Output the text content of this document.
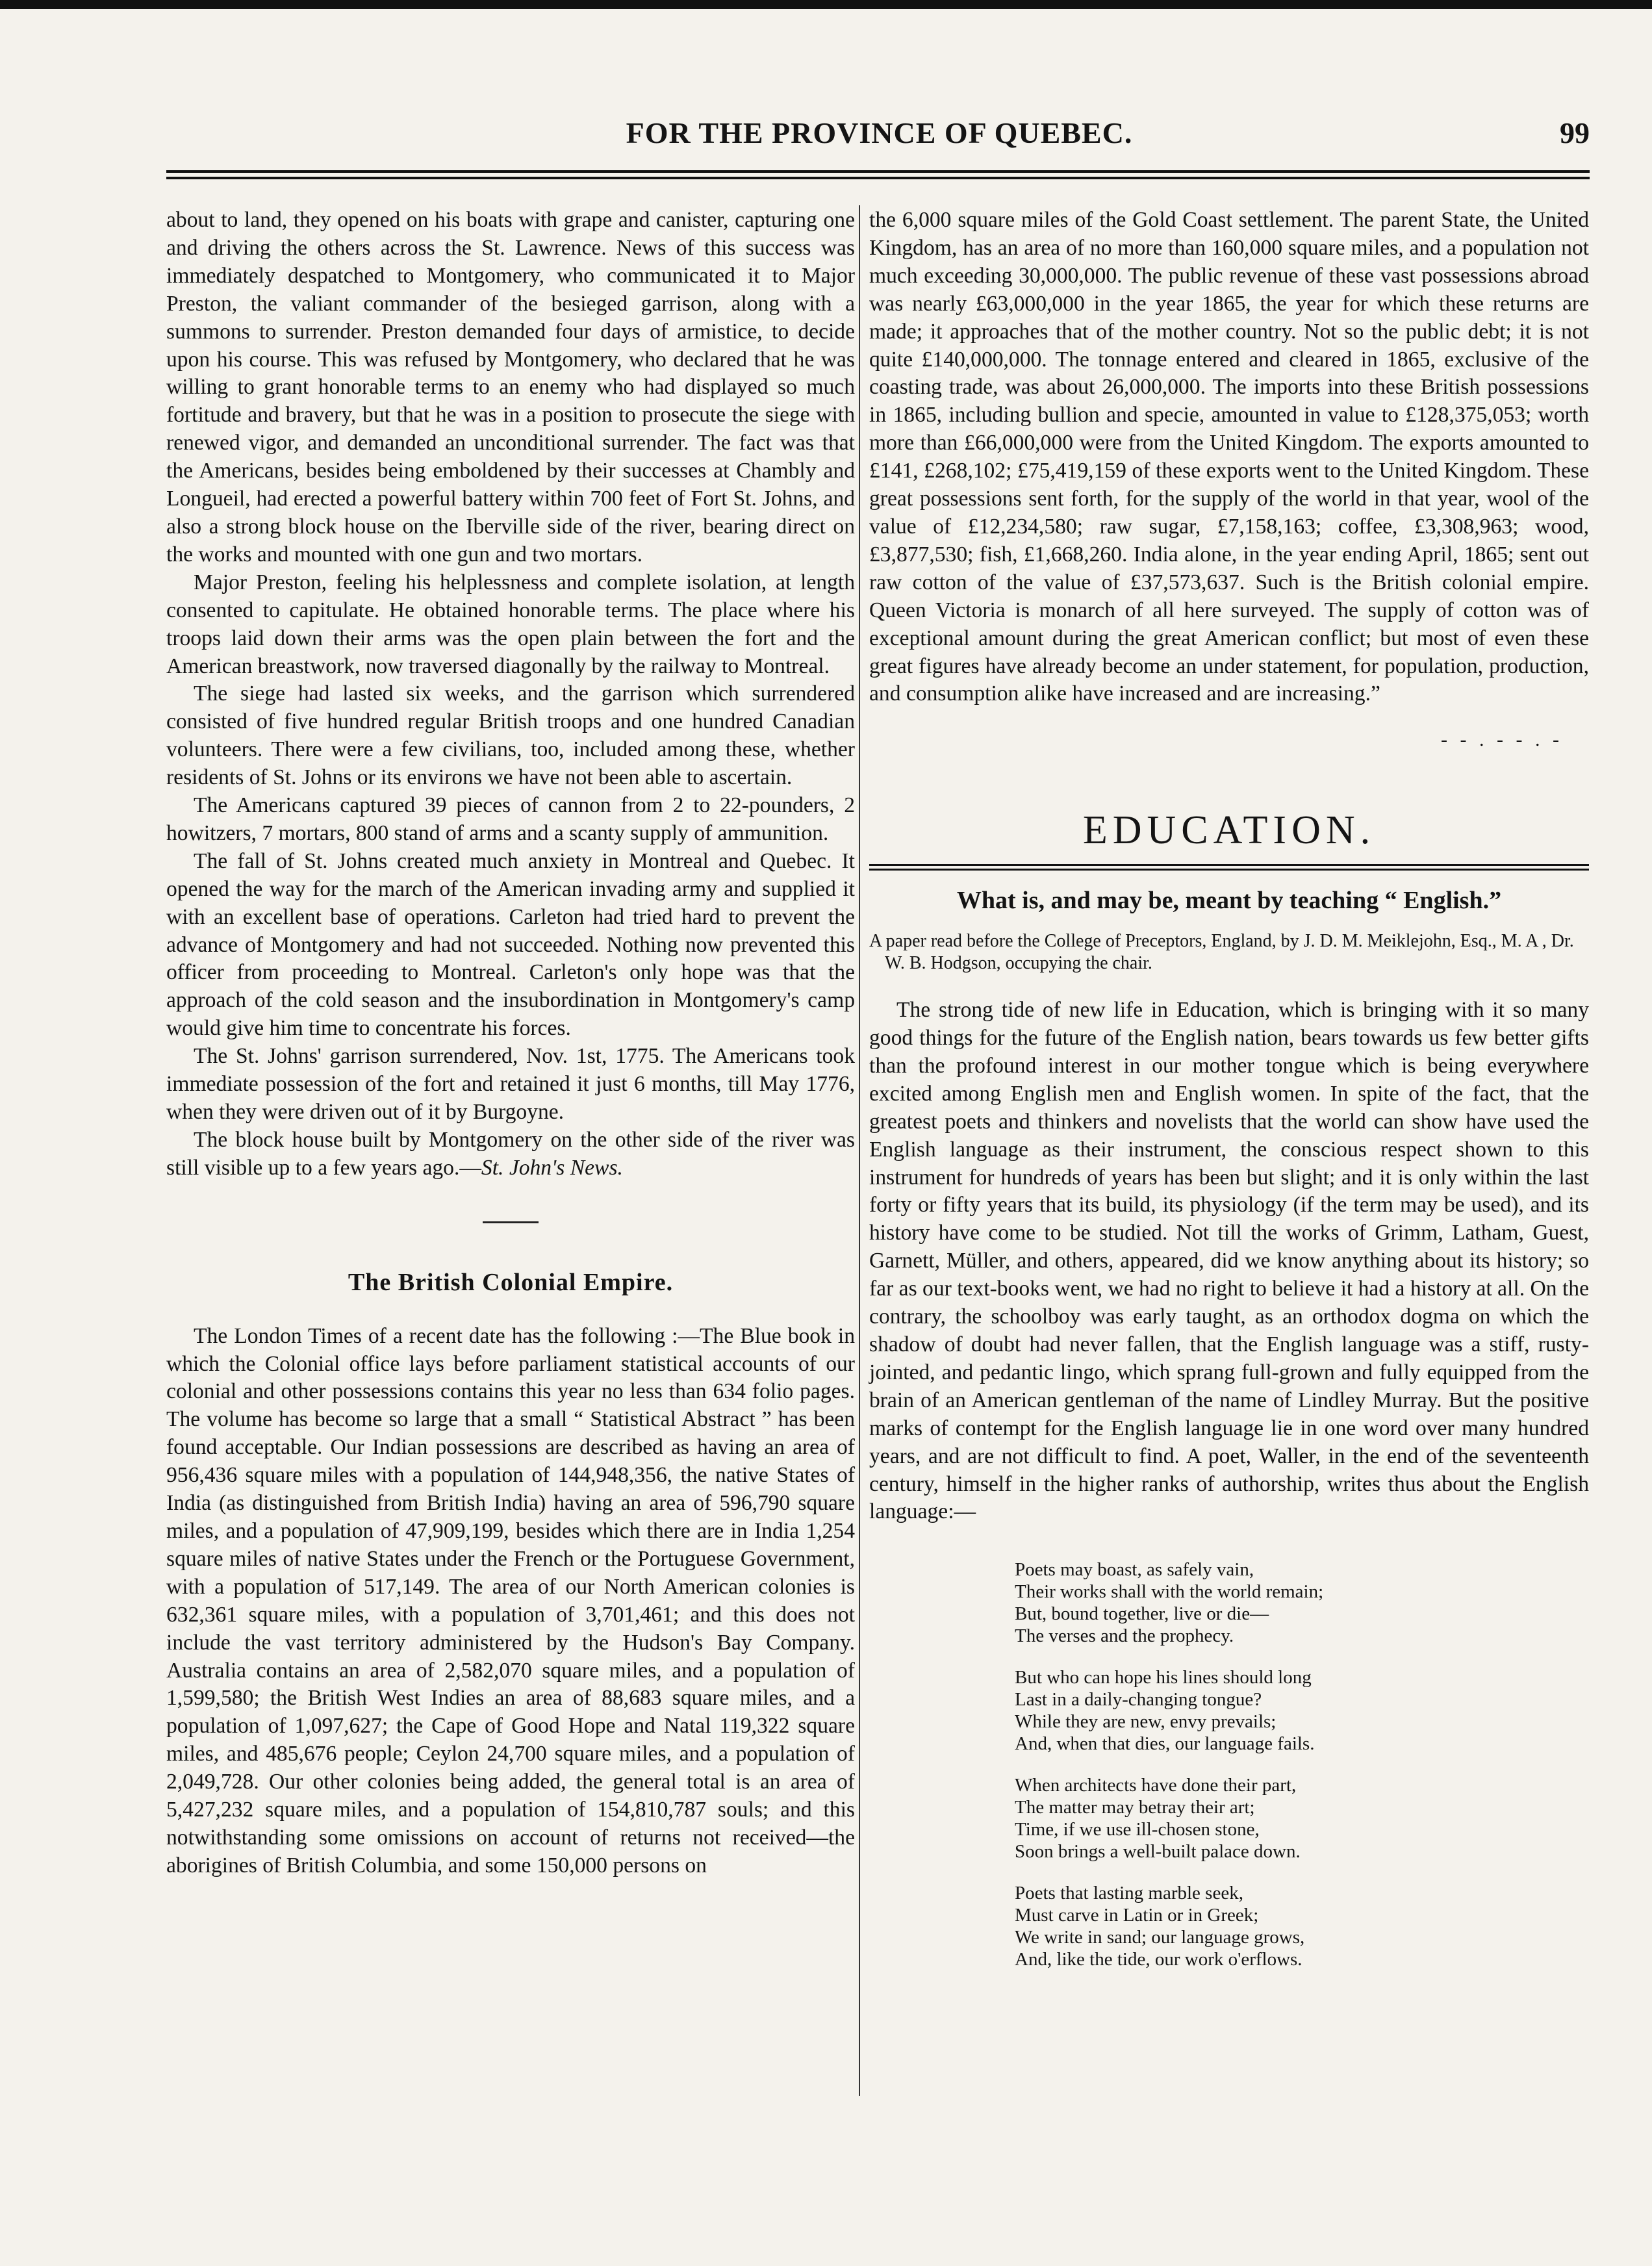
FOR THE PROVINCE OF QUEBEC.	99

about to land, they opened on his boats with grape and canister, capturing one and driving the others across the St. Lawrence. News of this success was immediately despatched to Montgomery, who communicated it to Major Preston, the valiant commander of the besieged garrison, along with a summons to surrender. Preston demanded four days of armistice, to decide upon his course. This was refused by Montgomery, who declared that he was willing to grant honorable terms to an enemy who had displayed so much fortitude and bravery, but that he was in a position to prosecute the siege with renewed vigor, and demanded an unconditional surrender. The fact was that the Americans, besides being emboldened by their successes at Chambly and Longueil, had erected a powerful battery within 700 feet of Fort St. Johns, and also a strong block house on the Iberville side of the river, bearing direct on the works and mounted with one gun and two mortars.

Major Preston, feeling his helplessness and complete isolation, at length consented to capitulate. He obtained honorable terms. The place where his troops laid down their arms was the open plain between the fort and the American breastwork, now traversed diagonally by the railway to Montreal.

The siege had lasted six weeks, and the garrison which surrendered consisted of five hundred regular British troops and one hundred Canadian volunteers. There were a few civilians, too, included among these, whether residents of St. Johns or its environs we have not been able to ascertain.

The Americans captured 39 pieces of cannon from 2 to 22-pounders, 2 howitzers, 7 mortars, 800 stand of arms and a scanty supply of ammunition.

The fall of St. Johns created much anxiety in Montreal and Quebec. It opened the way for the march of the American invading army and supplied it with an excellent base of operations. Carleton had tried hard to prevent the advance of Montgomery and had not succeeded. Nothing now prevented this officer from proceeding to Montreal. Carleton's only hope was that the approach of the cold season and the insubordination in Montgomery's camp would give him time to concentrate his forces.

The St. Johns' garrison surrendered, Nov. 1st, 1775. The Americans took immediate possession of the fort and retained it just 6 months, till May 1776, when they were driven out of it by Burgoyne.

The block house built by Montgomery on the other side of the river was still visible up to a few years ago.—St. John's News.

The British Colonial Empire.

The London Times of a recent date has the following :—The Blue book in which the Colonial office lays before parliament statistical accounts of our colonial and other possessions contains this year no less than 634 folio pages. The volume has become so large that a small “ Statistical Abstract ” has been found acceptable. Our Indian possessions are described as having an area of 956,436 square miles with a population of 144,948,356, the native States of India (as distinguished from British India) having an area of 596,790 square miles, and a population of 47,909,199, besides which there are in India 1,254 square miles of native States under the French or the Portuguese Government, with a population of 517,149. The area of our North American colonies is 632,361 square miles, with a population of 3,701,461; and this does not include the vast territory administered by the Hudson's Bay Company. Australia contains an area of 2,582,070 square miles, and a population of 1,599,580; the British West Indies an area of 88,683 square miles, and a population of 1,097,627; the Cape of Good Hope and Natal 119,322 square miles, and 485,676 people; Ceylon 24,700 square miles, and a population of 2,049,728. Our other colonies being added, the general total is an area of 5,427,232 square miles, and a population of 154,810,787 souls; and this notwithstanding some omissions on account of returns not received—the aborigines of British Columbia, and some 150,000 persons on

the 6,000 square miles of the Gold Coast settlement. The parent State, the United Kingdom, has an area of no more than 160,000 square miles, and a population not much exceeding 30,000,000. The public revenue of these vast possessions abroad was nearly £63,000,000 in the year 1865, the year for which these returns are made; it approaches that of the mother country. Not so the public debt; it is not quite £140,000,000. The tonnage entered and cleared in 1865, exclusive of the coasting trade, was about 26,000,000. The imports into these British possessions in 1865, including bullion and specie, amounted in value to £128,375,053; worth more than £66,000,000 were from the United Kingdom. The exports amounted to £141, £268,102; £75,419,159 of these exports went to the United Kingdom. These great possessions sent forth, for the supply of the world in that year, wool of the value of £12,234,580; raw sugar, £7,158,163; coffee, £3,308,963; wood, £3,877,530; fish, £1,668,260. India alone, in the year ending April, 1865; sent out raw cotton of the value of £37,573,637. Such is the British colonial empire. Queen Victoria is monarch of all here surveyed. The supply of cotton was of exceptional amount during the great American conflict; but most of even these great figures have already become an under statement, for population, production, and consumption alike have increased and are increasing.”

- - . - - . -
EDUCATION.
What is, and may be, meant by teaching “ English.”
A paper read before the College of Preceptors, England, by J. D. M. Meiklejohn, Esq., M. A , Dr. W. B. Hodgson, occupying the chair.

The strong tide of new life in Education, which is bringing with it so many good things for the future of the English nation, bears towards us few better gifts than the profound interest in our mother tongue which is being everywhere excited among English men and English women. In spite of the fact, that the greatest poets and thinkers and novelists that the world can show have used the English language as their instrument, the conscious respect shown to this instrument for hundreds of years has been but slight; and it is only within the last forty or fifty years that its build, its physiology (if the term may be used), and its history have come to be studied. Not till the works of Grimm, Latham, Guest, Garnett, Müller, and others, appeared, did we know anything about its history; so far as our text-books went, we had no right to believe it had a history at all. On the contrary, the schoolboy was early taught, as an orthodox dogma on which the shadow of doubt had never fallen, that the English language was a stiff, rusty-jointed, and pedantic lingo, which sprang full-grown and fully equipped from the brain of an American gentleman of the name of Lindley Murray. But the positive marks of contempt for the English language lie in one word over many hundred years, and are not difficult to find. A poet, Waller, in the end of the seventeenth century, himself in the higher ranks of authorship, writes thus about the English language:—

Poets may boast, as safely vain,
Their works shall with the world remain;
But, bound together, live or die—
The verses and the prophecy.
But who can hope his lines should long
Last in a daily-changing tongue?
While they are new, envy prevails;
And, when that dies, our language fails.
When architects have done their part,
The matter may betray their art;
Time, if we use ill-chosen stone,
Soon brings a well-built palace down.
Poets that lasting marble seek,
Must carve in Latin or in Greek;
We write in sand; our language grows,
And, like the tide, our work o'erflows.
